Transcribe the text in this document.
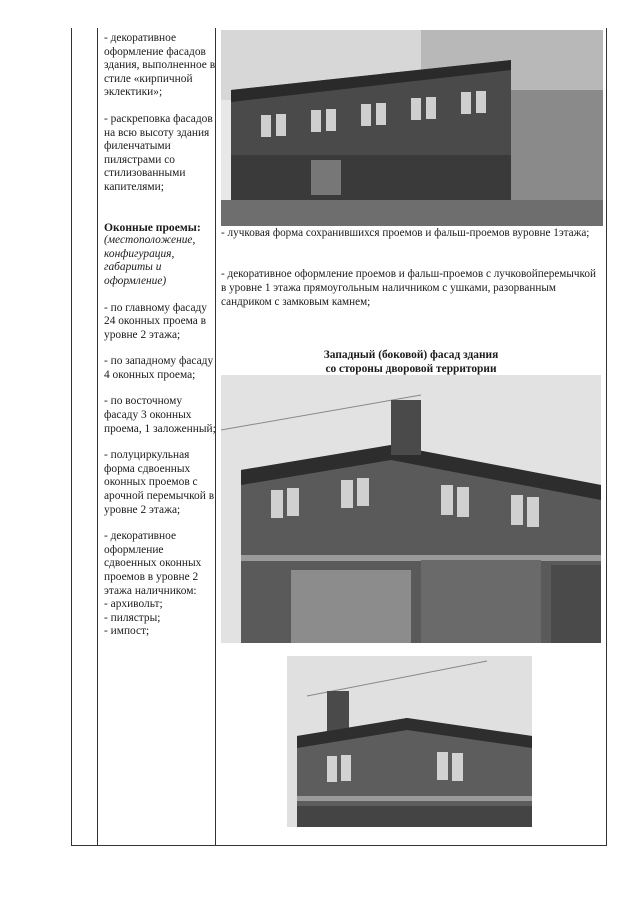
- декоративное оформление фасадов здания, выполненное в стиле «кирпичной эклектики»;

- раскреповка фасадов на всю высоту здания филенчатыми пилястрами со стилизованными капителями;

Оконные проемы:

(местоположение, конфигурация, габариты и оформление)

- по главному фасаду 24 оконных проема в уровне 2 этажа;

- по западному фасаду 4 оконных проема;

- по восточному фасаду 3 оконных проема, 1 заложенный;

- полуциркульная форма сдвоенных оконных проемов с арочной перемычкой в уровне 2 этажа;

- декоративное оформление сдвоенных оконных проемов в уровне 2 этажа наличником:

- архивольт;

- пилястры;

- импост;

- лучковая форма сохранившихся проемов и фальш-проемов вуровне 1этажа;
- декоративное оформление проемов и фальш-проемов с лучковойперемычкой в уровне 1 этажа прямоугольным наличником с ушками, разорванным сандриком с замковым камнем;
Западный (боковой) фасад здания
со стороны дворовой территории
